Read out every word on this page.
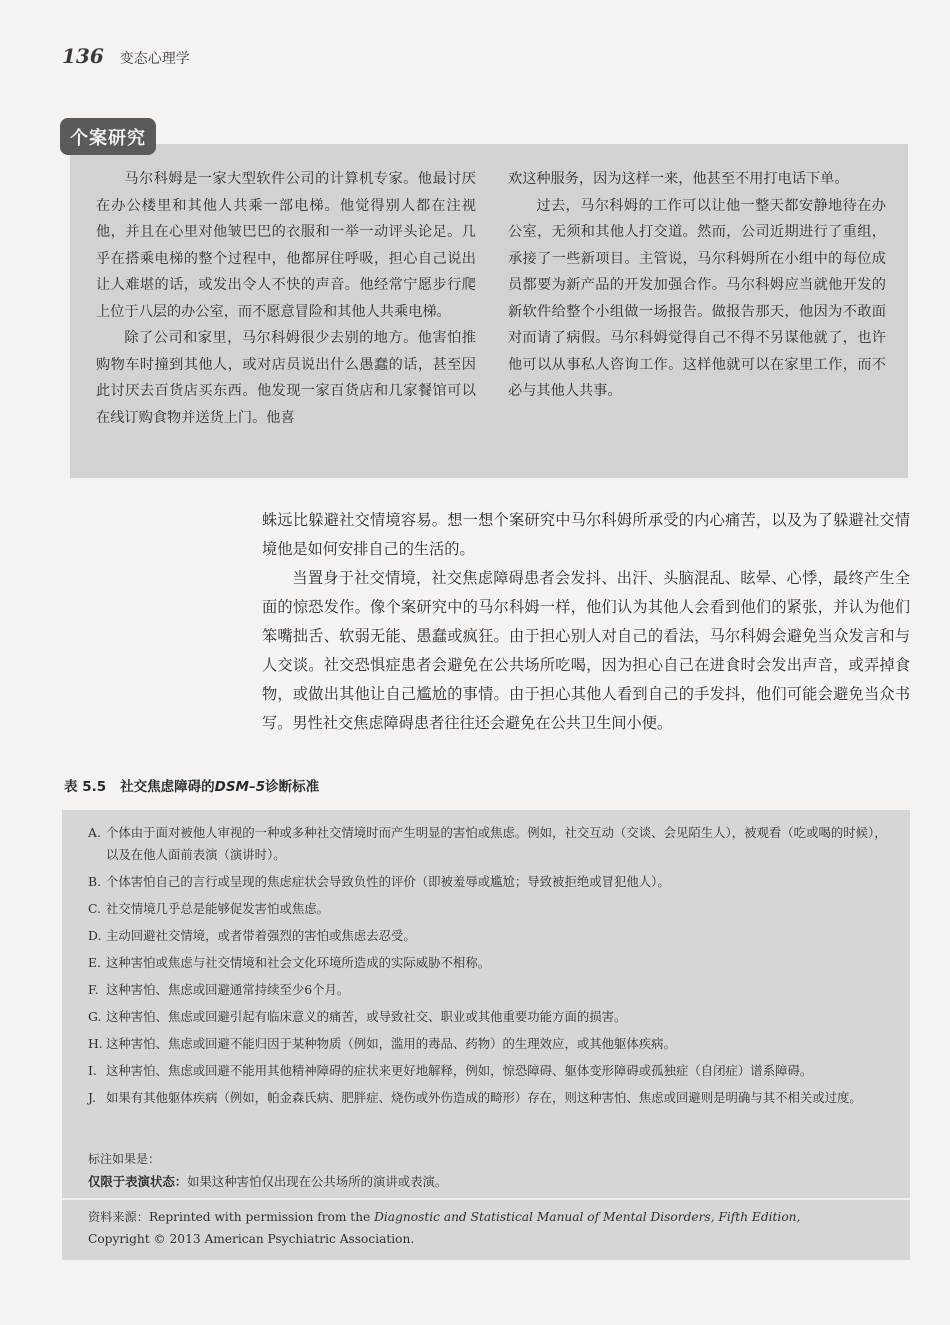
136 变态心理学
个案研究

马尔科姆是一家大型软件公司的计算机专家。他最讨厌在办公楼里和其他人共乘一部电梯。他觉得别人都在注视他，并且在心里对他皱巴巴的衣服和一举一动评头论足。几乎在搭乘电梯的整个过程中，他都屏住呼吸，担心自己说出让人难堪的话，或发出令人不快的声音。他经常宁愿步行爬上位于八层的办公室，而不愿意冒险和其他人共乘电梯。

除了公司和家里，马尔科姆很少去别的地方。他害怕推购物车时撞到其他人，或对店员说出什么愚蠢的话，甚至因此讨厌去百货店买东西。他发现一家百货店和几家餐馆可以在线订购食物并送货上门。他喜

欢这种服务，因为这样一来，他甚至不用打电话下单。

过去，马尔科姆的工作可以让他一整天都安静地待在办公室，无须和其他人打交道。然而，公司近期进行了重组，承接了一些新项目。主管说，马尔科姆所在小组中的每位成员都要为新产品的开发加强合作。马尔科姆应当就他开发的新软件给整个小组做一场报告。做报告那天，他因为不敢面对而请了病假。马尔科姆觉得自己不得不另谋他就了，也许他可以从事私人咨询工作。这样他就可以在家里工作，而不必与其他人共事。

蛛远比躲避社交情境容易。想一想个案研究中马尔科姆所承受的内心痛苦，以及为了躲避社交情境他是如何安排自己的生活的。

当置身于社交情境，社交焦虑障碍患者会发抖、出汗、头脑混乱、眩晕、心悸，最终产生全面的惊恐发作。像个案研究中的马尔科姆一样，他们认为其他人会看到他们的紧张，并认为他们笨嘴拙舌、软弱无能、愚蠢或疯狂。由于担心别人对自己的看法，马尔科姆会避免当众发言和与人交谈。社交恐惧症患者会避免在公共场所吃喝，因为担心自己在进食时会发出声音，或弄掉食物，或做出其他让自己尴尬的事情。由于担心其他人看到自己的手发抖，他们可能会避免当众书写。男性社交焦虑障碍患者往往还会避免在公共卫生间小便。

表 5.5 社交焦虑障碍的DSM–5诊断标准
A. 个体由于面对被他人审视的一种或多种社交情境时而产生明显的害怕或焦虑。例如，社交互动（交谈、会见陌生人），被观看（吃或喝的时候），以及在他人面前表演（演讲时）。
B. 个体害怕自己的言行或呈现的焦虑症状会导致负性的评价（即被羞辱或尴尬；导致被拒绝或冒犯他人）。
C. 社交情境几乎总是能够促发害怕或焦虑。
D. 主动回避社交情境，或者带着强烈的害怕或焦虑去忍受。
E. 这种害怕或焦虑与社交情境和社会文化环境所造成的实际威胁不相称。
F. 这种害怕、焦虑或回避通常持续至少6个月。
G. 这种害怕、焦虑或回避引起有临床意义的痛苦，或导致社交、职业或其他重要功能方面的损害。
H. 这种害怕、焦虑或回避不能归因于某种物质（例如，滥用的毒品、药物）的生理效应，或其他躯体疾病。
I. 这种害怕、焦虑或回避不能用其他精神障碍的症状来更好地解释，例如，惊恐障碍、躯体变形障碍或孤独症（自闭症）谱系障碍。
J. 如果有其他躯体疾病（例如，帕金森氏病、肥胖症、烧伤或外伤造成的畸形）存在，则这种害怕、焦虑或回避则是明确与其不相关或过度。
标注如果是：
仅限于表演状态：如果这种害怕仅出现在公共场所的演讲或表演。
资料来源：Reprinted with permission from the Diagnostic and Statistical Manual of Mental Disorders, Fifth Edition,
Copyright © 2013 American Psychiatric Association.
